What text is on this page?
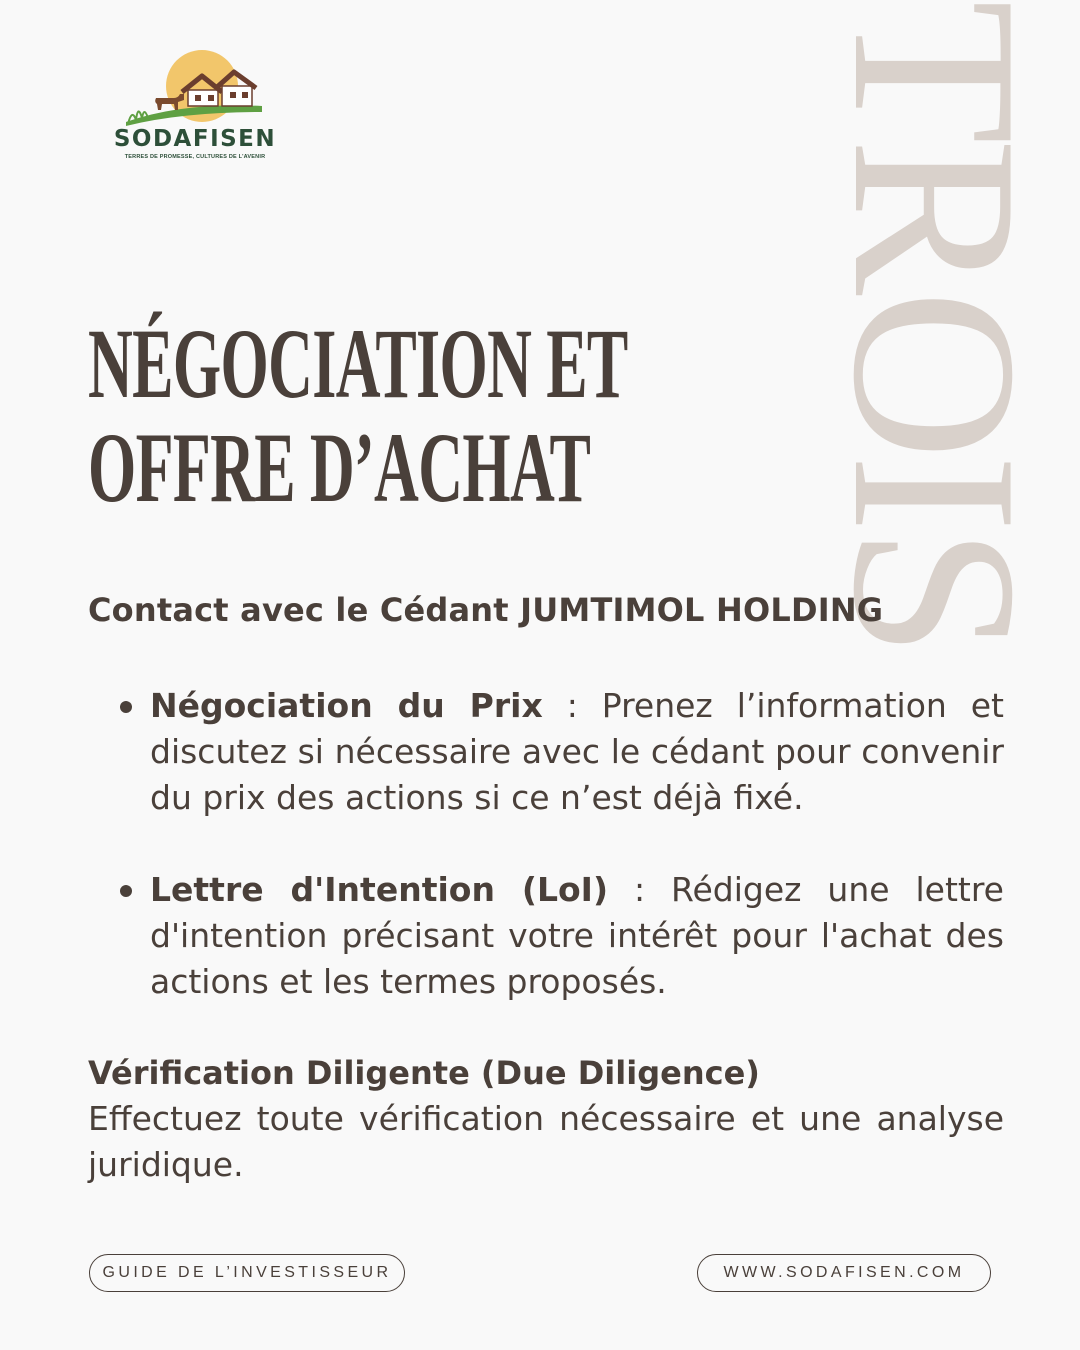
SODAFISEN
TERRES DE PROMESSE, CULTURES DE L'AVENIR TROIS
NÉGOCIATION ET
OFFRE D’ACHAT
Contact avec le Cédant JUMTIMOL HOLDING
Négociation du Prix : Prenez l’information et discutez si nécessaire avec le cédant pour convenir du prix des actions si ce n’est déjà fixé.
Lettre d'Intention (LoI) : Rédigez une lettre d'intention précisant votre intérêt pour l'achat des actions et les termes proposés.
Vérification Diligente (Due Diligence)

Effectuez toute vérification nécessaire et une analyse juridique.

GUIDE DE L’INVESTISSEUR	WWW.SODAFISEN.COM
